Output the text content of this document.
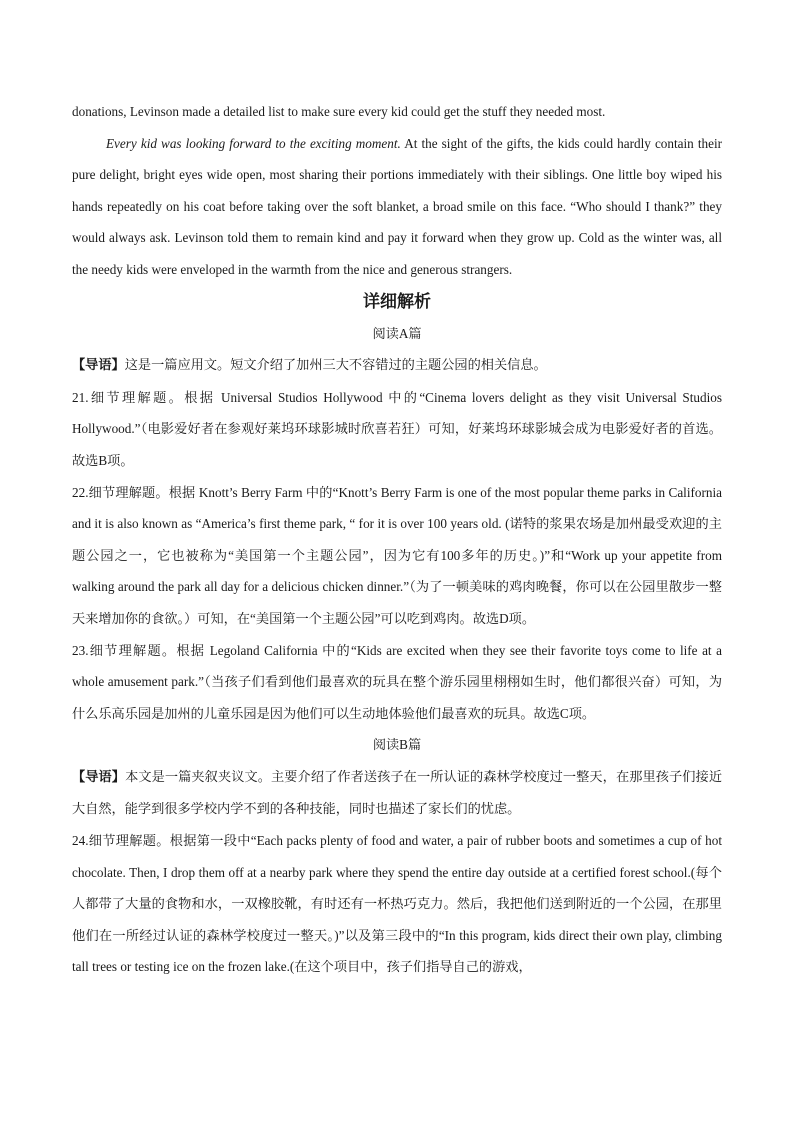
donations, Levinson made a detailed list to make sure every kid could get the stuff they needed most.

Every kid was looking forward to the exciting moment. At the sight of the gifts, the kids could hardly contain their pure delight, bright eyes wide open, most sharing their portions immediately with their siblings. One little boy wiped his hands repeatedly on his coat before taking over the soft blanket, a broad smile on this face. “Who should I thank?” they would always ask. Levinson told them to remain kind and pay it forward when they grow up. Cold as the winter was, all the needy kids were enveloped in the warmth from the nice and generous strangers.

详细解析
阅读A篇

【导语】这是一篇应用文。短文介绍了加州三大不容错过的主题公园的相关信息。

21.细节理解题。根据 Universal Studios Hollywood 中的“Cinema lovers delight as they visit Universal Studios Hollywood.”（电影爱好者在参观好莱坞环球影城时欣喜若狂）可知，好莱坞环球影城会成为电影爱好者的首选。故选B项。

22.细节理解题。根据 Knott’s Berry Farm 中的“Knott’s Berry Farm is one of the most popular theme parks in California and it is also known as “America’s first theme park, “ for it is over 100 years old. (诺特的浆果农场是加州最受欢迎的主题公园之一，它也被称为“美国第一个主题公园”，因为它有100多年的历史。)”和“Work up your appetite from walking around the park all day for a delicious chicken dinner.”（为了一顿美味的鸡肉晚餐，你可以在公园里散步一整天来增加你的食欲。）可知，在“美国第一个主题公园”可以吃到鸡肉。故选D项。

23.细节理解题。根据 Legoland California 中的“Kids are excited when they see their favorite toys come to life at a whole amusement park.”（当孩子们看到他们最喜欢的玩具在整个游乐园里栩栩如生时，他们都很兴奋）可知，为什么乐高乐园是加州的儿童乐园是因为他们可以生动地体验他们最喜欢的玩具。故选C项。

阅读B篇

【导语】本文是一篇夹叙夹议文。主要介绍了作者送孩子在一所认证的森林学校度过一整天，在那里孩子们接近大自然，能学到很多学校内学不到的各种技能，同时也描述了家长们的忧虑。

24.细节理解题。根据第一段中“Each packs plenty of food and water, a pair of rubber boots and sometimes a cup of hot chocolate. Then, I drop them off at a nearby park where they spend the entire day outside at a certified forest school.(每个人都带了大量的食物和水，一双橡胶靴，有时还有一杯热巧克力。然后，我把他们送到附近的一个公园，在那里他们在一所经过认证的森林学校度过一整天。)”以及第三段中的“In this program, kids direct their own play, climbing tall trees or testing ice on the frozen lake.(在这个项目中，孩子们指导自己的游戏，
